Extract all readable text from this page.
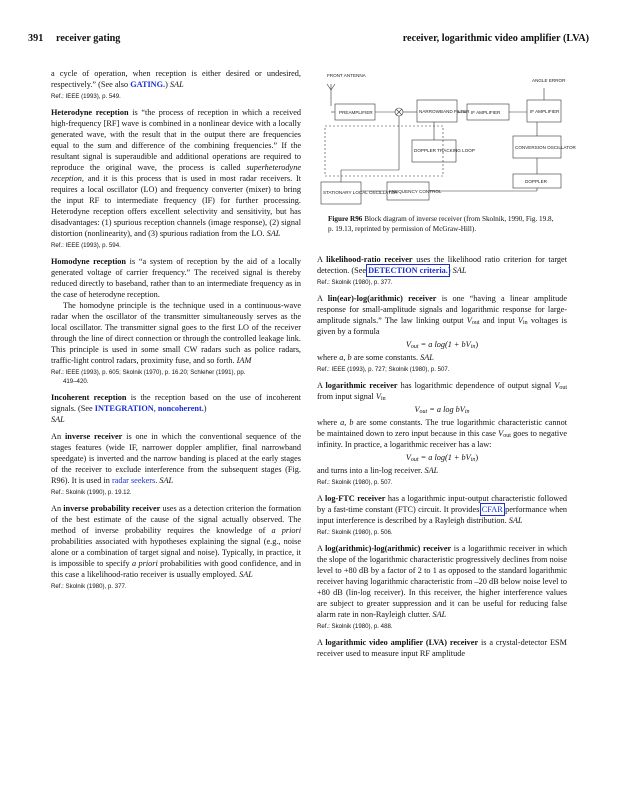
391 receiver gating	receiver, logarithmic video amplifier (LVA)

a cycle of operation, when reception is either desired or undesired, respectively.” (See also GATING.) SAL

Ref.: IEEE (1993), p. 549.

Heterodyne reception is “the process of reception in which a received high-frequency [RF] wave is combined in a nonlinear device with a locally generated wave, with the result that in the output there are frequencies equal to the sum and difference of the combining frequencies.” If the resultant signal is superaudible and additional operations are required to reproduce the original wave, the process is called superheterodyne reception, and it is this process that is used in most radar receivers. It requires a local oscillator (LO) and frequency converter (mixer) to bring the input RF to intermediate frequency (IF) for further processing. Heterodyne reception offers excellent selectivity and sensitivity, but has disadvantages: (1) spurious reception channels (image response), (2) signal distortion (nonlinearity), and (3) spurious radiation from the LO. SAL

Ref.: IEEE (1993), p. 594.

Homodyne reception is “a system of reception by the aid of a locally generated voltage of carrier frequency.” The received signal is thereby reduced directly to baseband, rather than to an intermediate frequency as in the case of heterodyne reception.

The homodyne principle is the technique used in a continuous-wave radar when the oscillator of the transmitter simultaneously serves as the local oscillator. The transmitter signal goes to the first LO of the receiver through the line of direct connection or through the controlled leakage link. This principle is used in some small CW radars such as police radars, traffic-light control radars, proximity fuse, and so forth. IAM

Ref.: IEEE (1993), p. 605; Skolnik (1970), p. 16.20; Schleher (1991), pp.
419–420.

Incoherent reception is the reception based on the use of incoherent signals. (See INTEGRATION, noncoherent.)
SAL

An inverse receiver is one in which the conventional sequence of the stages features (wide IF, narrower doppler amplifier, final narrowband speedgate) is inverted and the narrow banding is placed at the early stages of the receiver to exclude interference from the subsequent stages (Fig. R96). It is used in radar seekers. SAL

Ref.: Skolnik (1990), p. 19.12.

An inverse probability receiver uses as a detection criterion the formation of the best estimate of the cause of the signal actually observed. The method of inverse probability requires the knowledge of a priori probabilities associated with hypotheses explaining the signal (e.g., noise alone or a combination of target signal and noise). Typically, in practice, it is impossible to specify a priori probabilities with good confidence, and in this case a likelihood-ratio receiver is usually employed. SAL

Ref.: Skolnik (1980), p. 377.
FRONT ANTENNA
ANGLE ERROR
PREAMPLIFIER	NARROWBAND FILTER IF AMPLIFIER	IF AMPLIFIER
DOPPLER TRACKING LOOP
CONVERSION OSCILLATOR
STATIONARY LOCAL OSCILLATOR
FREQUENCY CONTROL
DOPPLER
Figure R96 Block diagram of inverse receiver (from Skolnik, 1990, Fig. 19.8, p. 19.13, reprinted by permission of McGraw-Hill).

A likelihood-ratio receiver uses the likelihood ratio criterion for target detection. (See DETECTION criteria.) SAL

Ref.: Skolnik (1980), p. 377.

A lin(ear)-log(arithmic) receiver is one “having a linear amplitude response for small-amplitude signals and logarithmic response for large-amplitude signals.” The law linking output $V_{out}$ and input $V_{in}$ voltages is given by a formula

$V_{out} = a$ $\log(1 + bV_{in})$

where a, b are some constants. SAL

Ref.: IEEE (1993), p. 727; Skolnik (1980), p. 507.

A logarithmic receiver has logarithmic dependence of output signal $V_{out}$ from input signal $V_{in}$

$V_{out} = a$ $\log bV_{in}$

where a, b are some constants. The true logarithmic characteristic cannot be maintained down to zero input because in this case $V_{out}$ goes to negative infinity. In practice, a logarithmic receiver has a law:

$V_{out} = a$ $\log(1 + bV_{in})$

and turns into a lin-log receiver. SAL

Ref.: Skolnik (1980), p. 507.

A log-FTC receiver has a logarithmic input-output characteristic followed by a fast-time constant (FTC) circuit. It provides CFAR performance when input interference is described by a Rayleigh distribution. SAL

Ref.: Skolnik (1980), p. 506.

A log(arithmic)-log(arithmic) receiver is a logarithmic receiver in which the slope of the logarithmic characteristic progressively declines from noise level to +80 dB by a factor of 2 to 1 as opposed to the standard logarithmic receiver having logarithmic characteristic from –20 dB below noise level to +80 dB (lin-log receiver). In this receiver, the higher interference values are subject to greater suppression and it can be useful for reducing false alarm rate in non-Rayleigh clutter. SAL

Ref.: Skolnik (1980), p. 488.

A logarithmic video amplifier (LVA) receiver is a crystal-detector ESM receiver used to measure input RF amplitude
